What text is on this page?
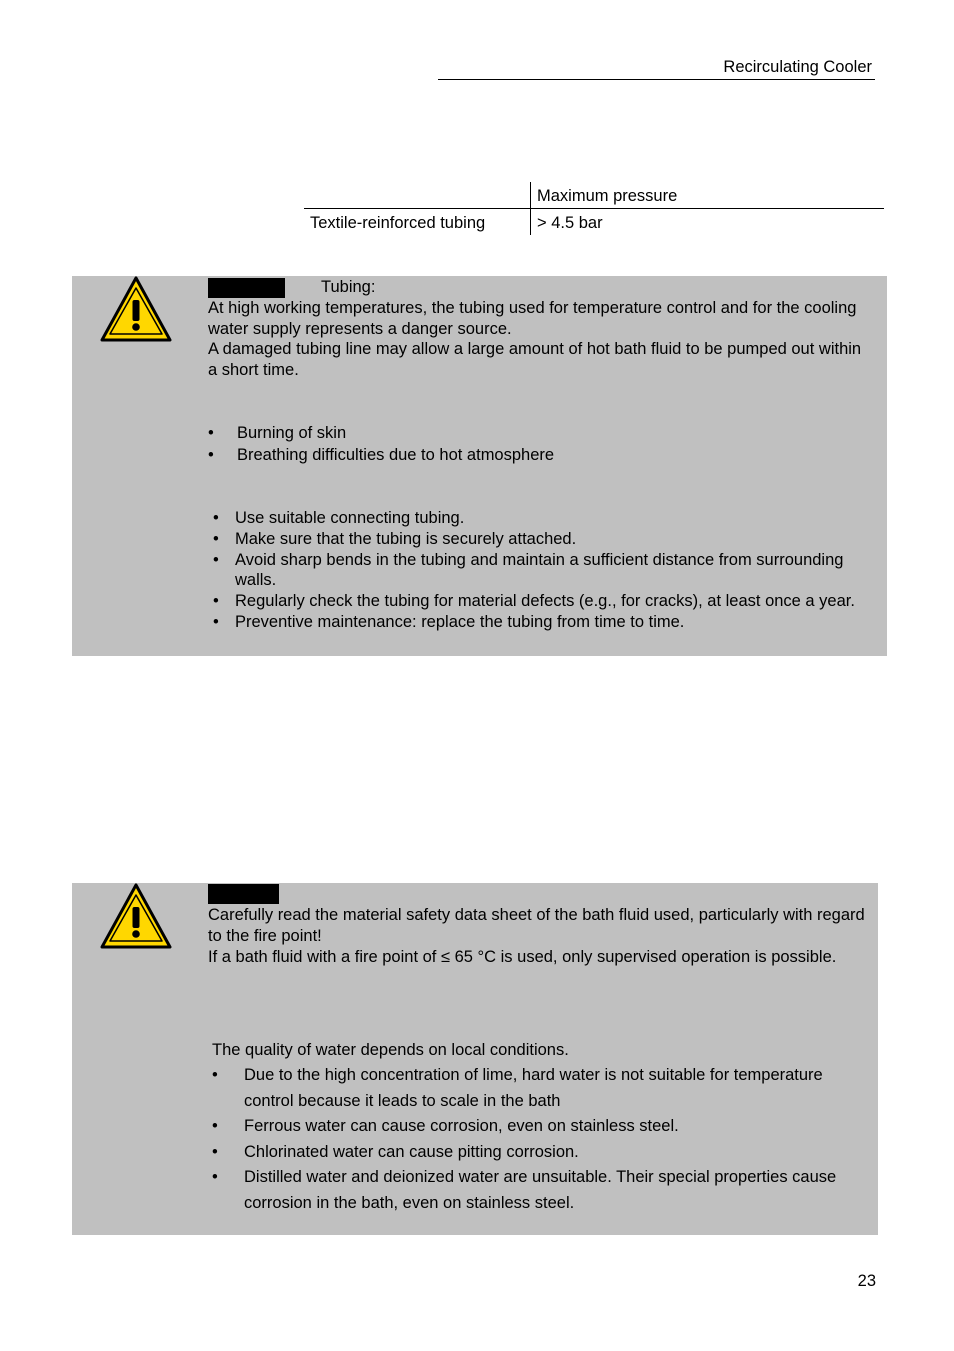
Recirculating Cooler
Maximum pressure
Textile-reinforced tubing	> 4.5 bar
Tubing:
At high working temperatures, the tubing used for temperature control and for the cooling water supply represents a danger source.
A damaged tubing line may allow a large amount of hot bath fluid to be pumped out within a short time.
• Burning of skin
• Breathing difficulties due to hot atmosphere
• Use suitable connecting tubing.
• Make sure that the tubing is securely attached.
• Avoid sharp bends in the tubing and maintain a sufficient distance from surrounding walls.
• Regularly check the tubing for material defects (e.g., for cracks), at least once a year.
• Preventive maintenance: replace the tubing from time to time.
Carefully read the material safety data sheet of the bath fluid used, particularly with regard to the fire point!
If a bath fluid with a fire point of ≤ 65 °C is used, only supervised operation is possible.
The quality of water depends on local conditions.
• Due to the high concentration of lime, hard water is not suitable for temperature control because it leads to scale in the bath
• Ferrous water can cause corrosion, even on stainless steel.
• Chlorinated water can cause pitting corrosion.
• Distilled water and deionized water are unsuitable. Their special properties cause corrosion in the bath, even on stainless steel.
23
